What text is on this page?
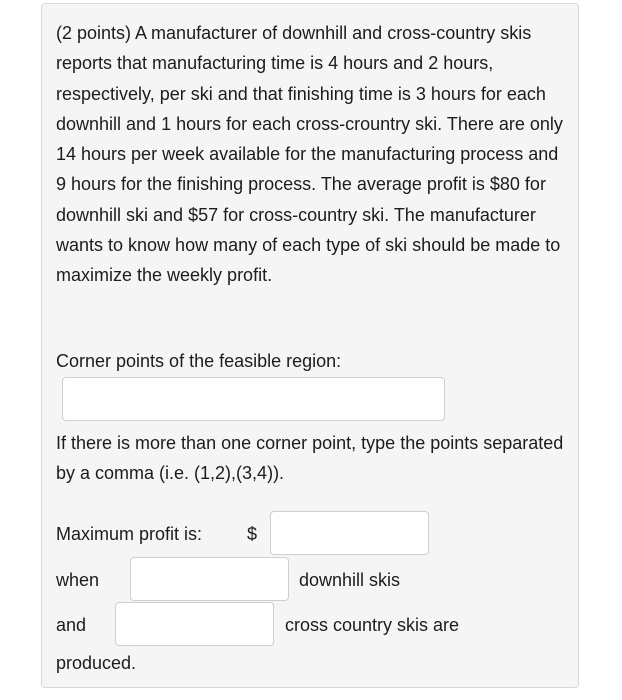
(2 points) A manufacturer of downhill and cross-country skis reports that manufacturing time is 4 hours and 2 hours, respectively, per ski and that finishing time is 3 hours for each downhill and 1 hours for each cross-crountry ski. There are only 14 hours per week available for the manufacturing process and 9 hours for the finishing process. The average profit is $80 for downhill ski and $57 for cross-country ski. The manufacturer wants to know how many of each type of ski should be made to maximize the weekly profit.

Corner points of the feasible region:

If there is more than one corner point, type the points separated by a comma (i.e. (1,2),(3,4)).

Maximum profit is: $

when	downhill skis

and	cross country skis are

produced.
